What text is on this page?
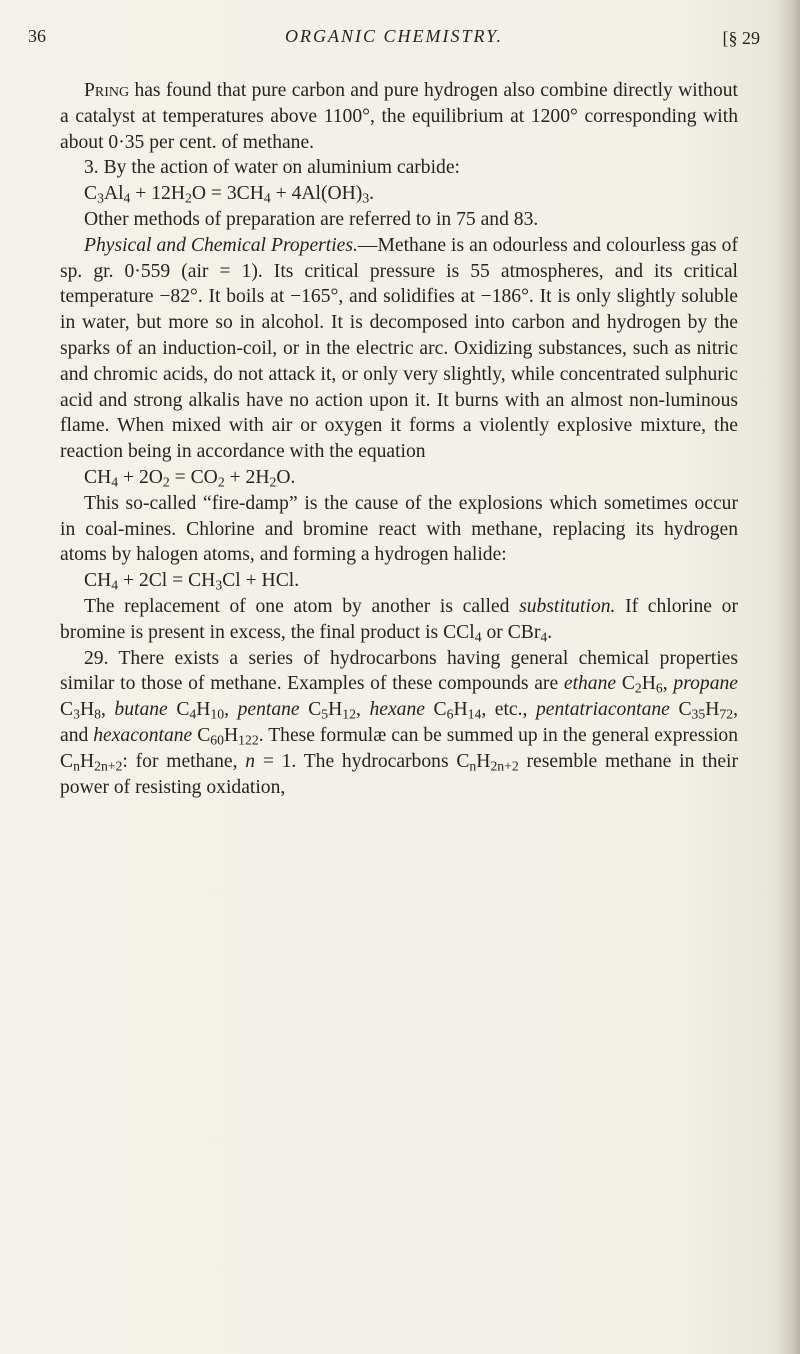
36	ORGANIC CHEMISTRY.	[§ 29

Pring has found that pure carbon and pure hydrogen also combine directly without a catalyst at temperatures above 1100°, the equilibrium at 1200° corresponding with about 0·35 per cent. of methane.

3. By the action of water on aluminium carbide:

$C_3Al_4 + 12H_2O = 3CH_4 + 4Al(OH)_3$.

Other methods of preparation are referred to in 75 and 83.

Physical and Chemical Properties.—Methane is an odourless and colourless gas of sp. gr. 0·559 (air = 1). Its critical pressure is 55 atmospheres, and its critical temperature −82°. It boils at −165°, and solidifies at −186°. It is only slightly soluble in water, but more so in alcohol. It is decomposed into carbon and hydrogen by the sparks of an induction-coil, or in the electric arc. Oxidizing substances, such as nitric and chromic acids, do not attack it, or only very slightly, while concentrated sulphuric acid and strong alkalis have no action upon it. It burns with an almost non-luminous flame. When mixed with air or oxygen it forms a violently explosive mixture, the reaction being in accordance with the equation

$CH_4 + 2O_2 = CO_2 + 2H_2O$.

This so-called “fire-damp” is the cause of the explosions which sometimes occur in coal-mines. Chlorine and bromine react with methane, replacing its hydrogen atoms by halogen atoms, and forming a hydrogen halide:

$CH_4 + 2Cl = CH_3Cl$ + HCl.

The replacement of one atom by another is called substitution. If chlorine or bromine is present in excess, the final product is CCl$_4$ or CBr$_4$.

29. There exists a series of hydrocarbons having general chemical properties similar to those of methane. Examples of these compounds are ethane $C_2H_6$, propane $C_3H_8$, butane $C_4H_{10}$, pentane $C_5H_{12}$, hexane $C_6H_{14}$, etc., pentatriacontane $C_{35}H_{72}$, and hexacontane $C_{60}H_{122}$. These formulæ can be summed up in the general expression $C_nH_{2n+2}$: for methane, n = 1. The hydrocarbons $C_nH_{2n+2}$ resemble methane in their power of resisting oxidation,
